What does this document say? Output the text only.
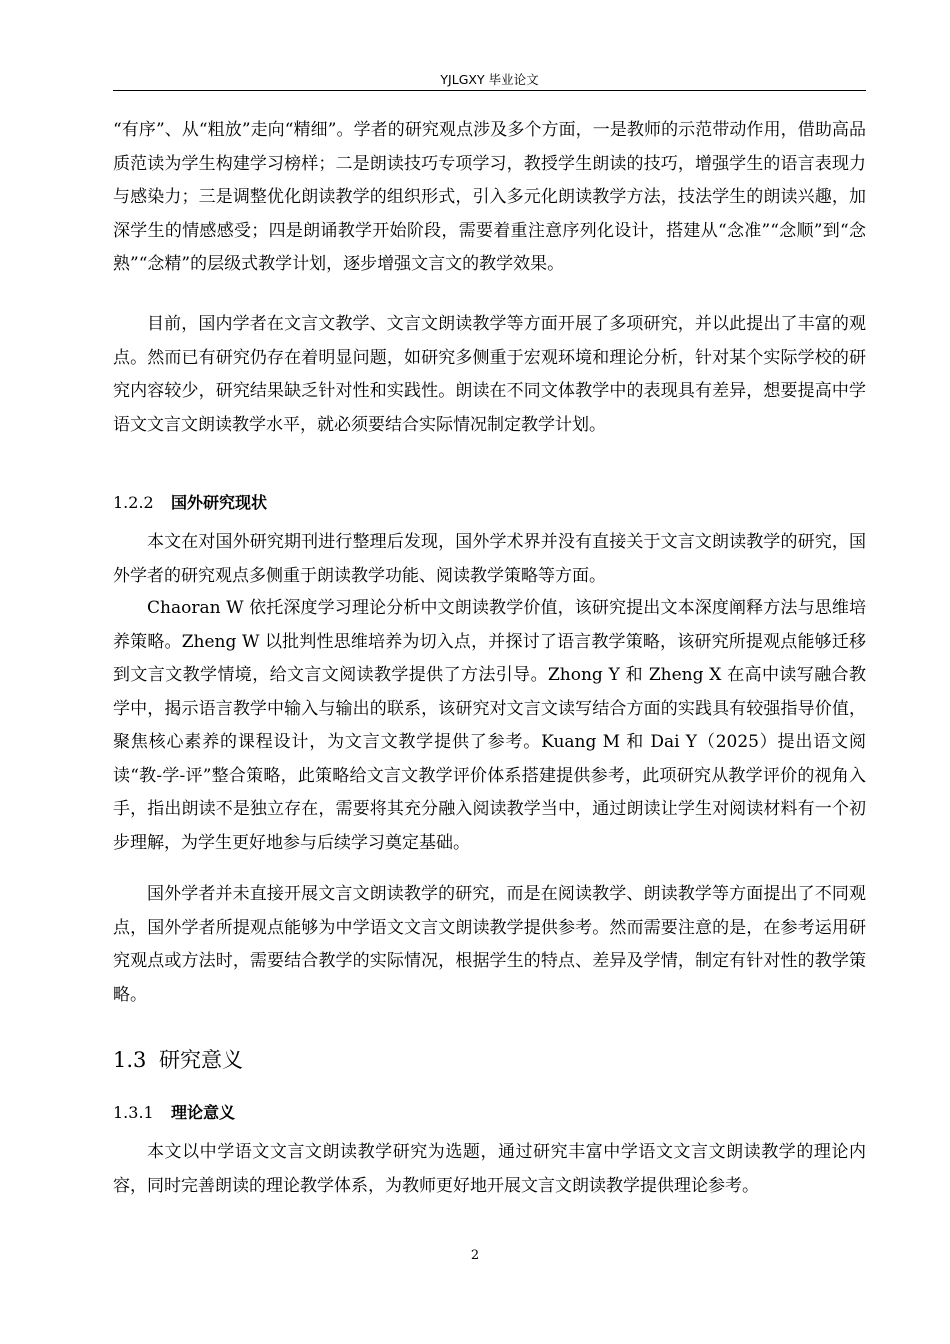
YJLGXY 毕业论文
“有序”、从“粗放”走向“精细”。学者的研究观点涉及多个方面，一是教师的示范带动作用，借助高品质范读为学生构建学习榜样；二是朗读技巧专项学习，教授学生朗读的技巧，增强学生的语言表现力与感染力；三是调整优化朗读教学的组织形式，引入多元化朗读教学方法，技法学生的朗读兴趣，加深学生的情感感受；四是朗诵教学开始阶段，需要着重注意序列化设计，搭建从“念准”“念顺”到“念熟”“念精”的层级式教学计划，逐步增强文言文的教学效果。
目前，国内学者在文言文教学、文言文朗读教学等方面开展了多项研究，并以此提出了丰富的观点。然而已有研究仍存在着明显问题，如研究多侧重于宏观环境和理论分析，针对某个实际学校的研究内容较少，研究结果缺乏针对性和实践性。朗读在不同文体教学中的表现具有差异，想要提高中学语文文言文朗读教学水平，就必须要结合实际情况制定教学计划。
1.2.2 国外研究现状
本文在对国外研究期刊进行整理后发现，国外学术界并没有直接关于文言文朗读教学的研究，国外学者的研究观点多侧重于朗读教学功能、阅读教学策略等方面。
Chaoran W 依托深度学习理论分析中文朗读教学价值，该研究提出文本深度阐释方法与思维培养策略。Zheng W 以批判性思维培养为切入点，并探讨了语言教学策略，该研究所提观点能够迁移到文言文教学情境，给文言文阅读教学提供了方法引导。Zhong Y 和 Zheng X 在高中读写融合教学中，揭示语言教学中输入与输出的联系，该研究对文言文读写结合方面的实践具有较强指导价值，聚焦核心素养的课程设计，为文言文教学提供了参考。Kuang M 和 Dai Y（2025）提出语文阅读“教-学-评”整合策略，此策略给文言文教学评价体系搭建提供参考，此项研究从教学评价的视角入手，指出朗读不是独立存在，需要将其充分融入阅读教学当中，通过朗读让学生对阅读材料有一个初步理解，为学生更好地参与后续学习奠定基础。
国外学者并未直接开展文言文朗读教学的研究，而是在阅读教学、朗读教学等方面提出了不同观点，国外学者所提观点能够为中学语文文言文朗读教学提供参考。然而需要注意的是，在参考运用研究观点或方法时，需要结合教学的实际情况，根据学生的特点、差异及学情，制定有针对性的教学策略。
1.3 研究意义
1.3.1 理论意义
本文以中学语文文言文朗读教学研究为选题，通过研究丰富中学语文文言文朗读教学的理论内容，同时完善朗读的理论教学体系，为教师更好地开展文言文朗读教学提供理论参考。
2
